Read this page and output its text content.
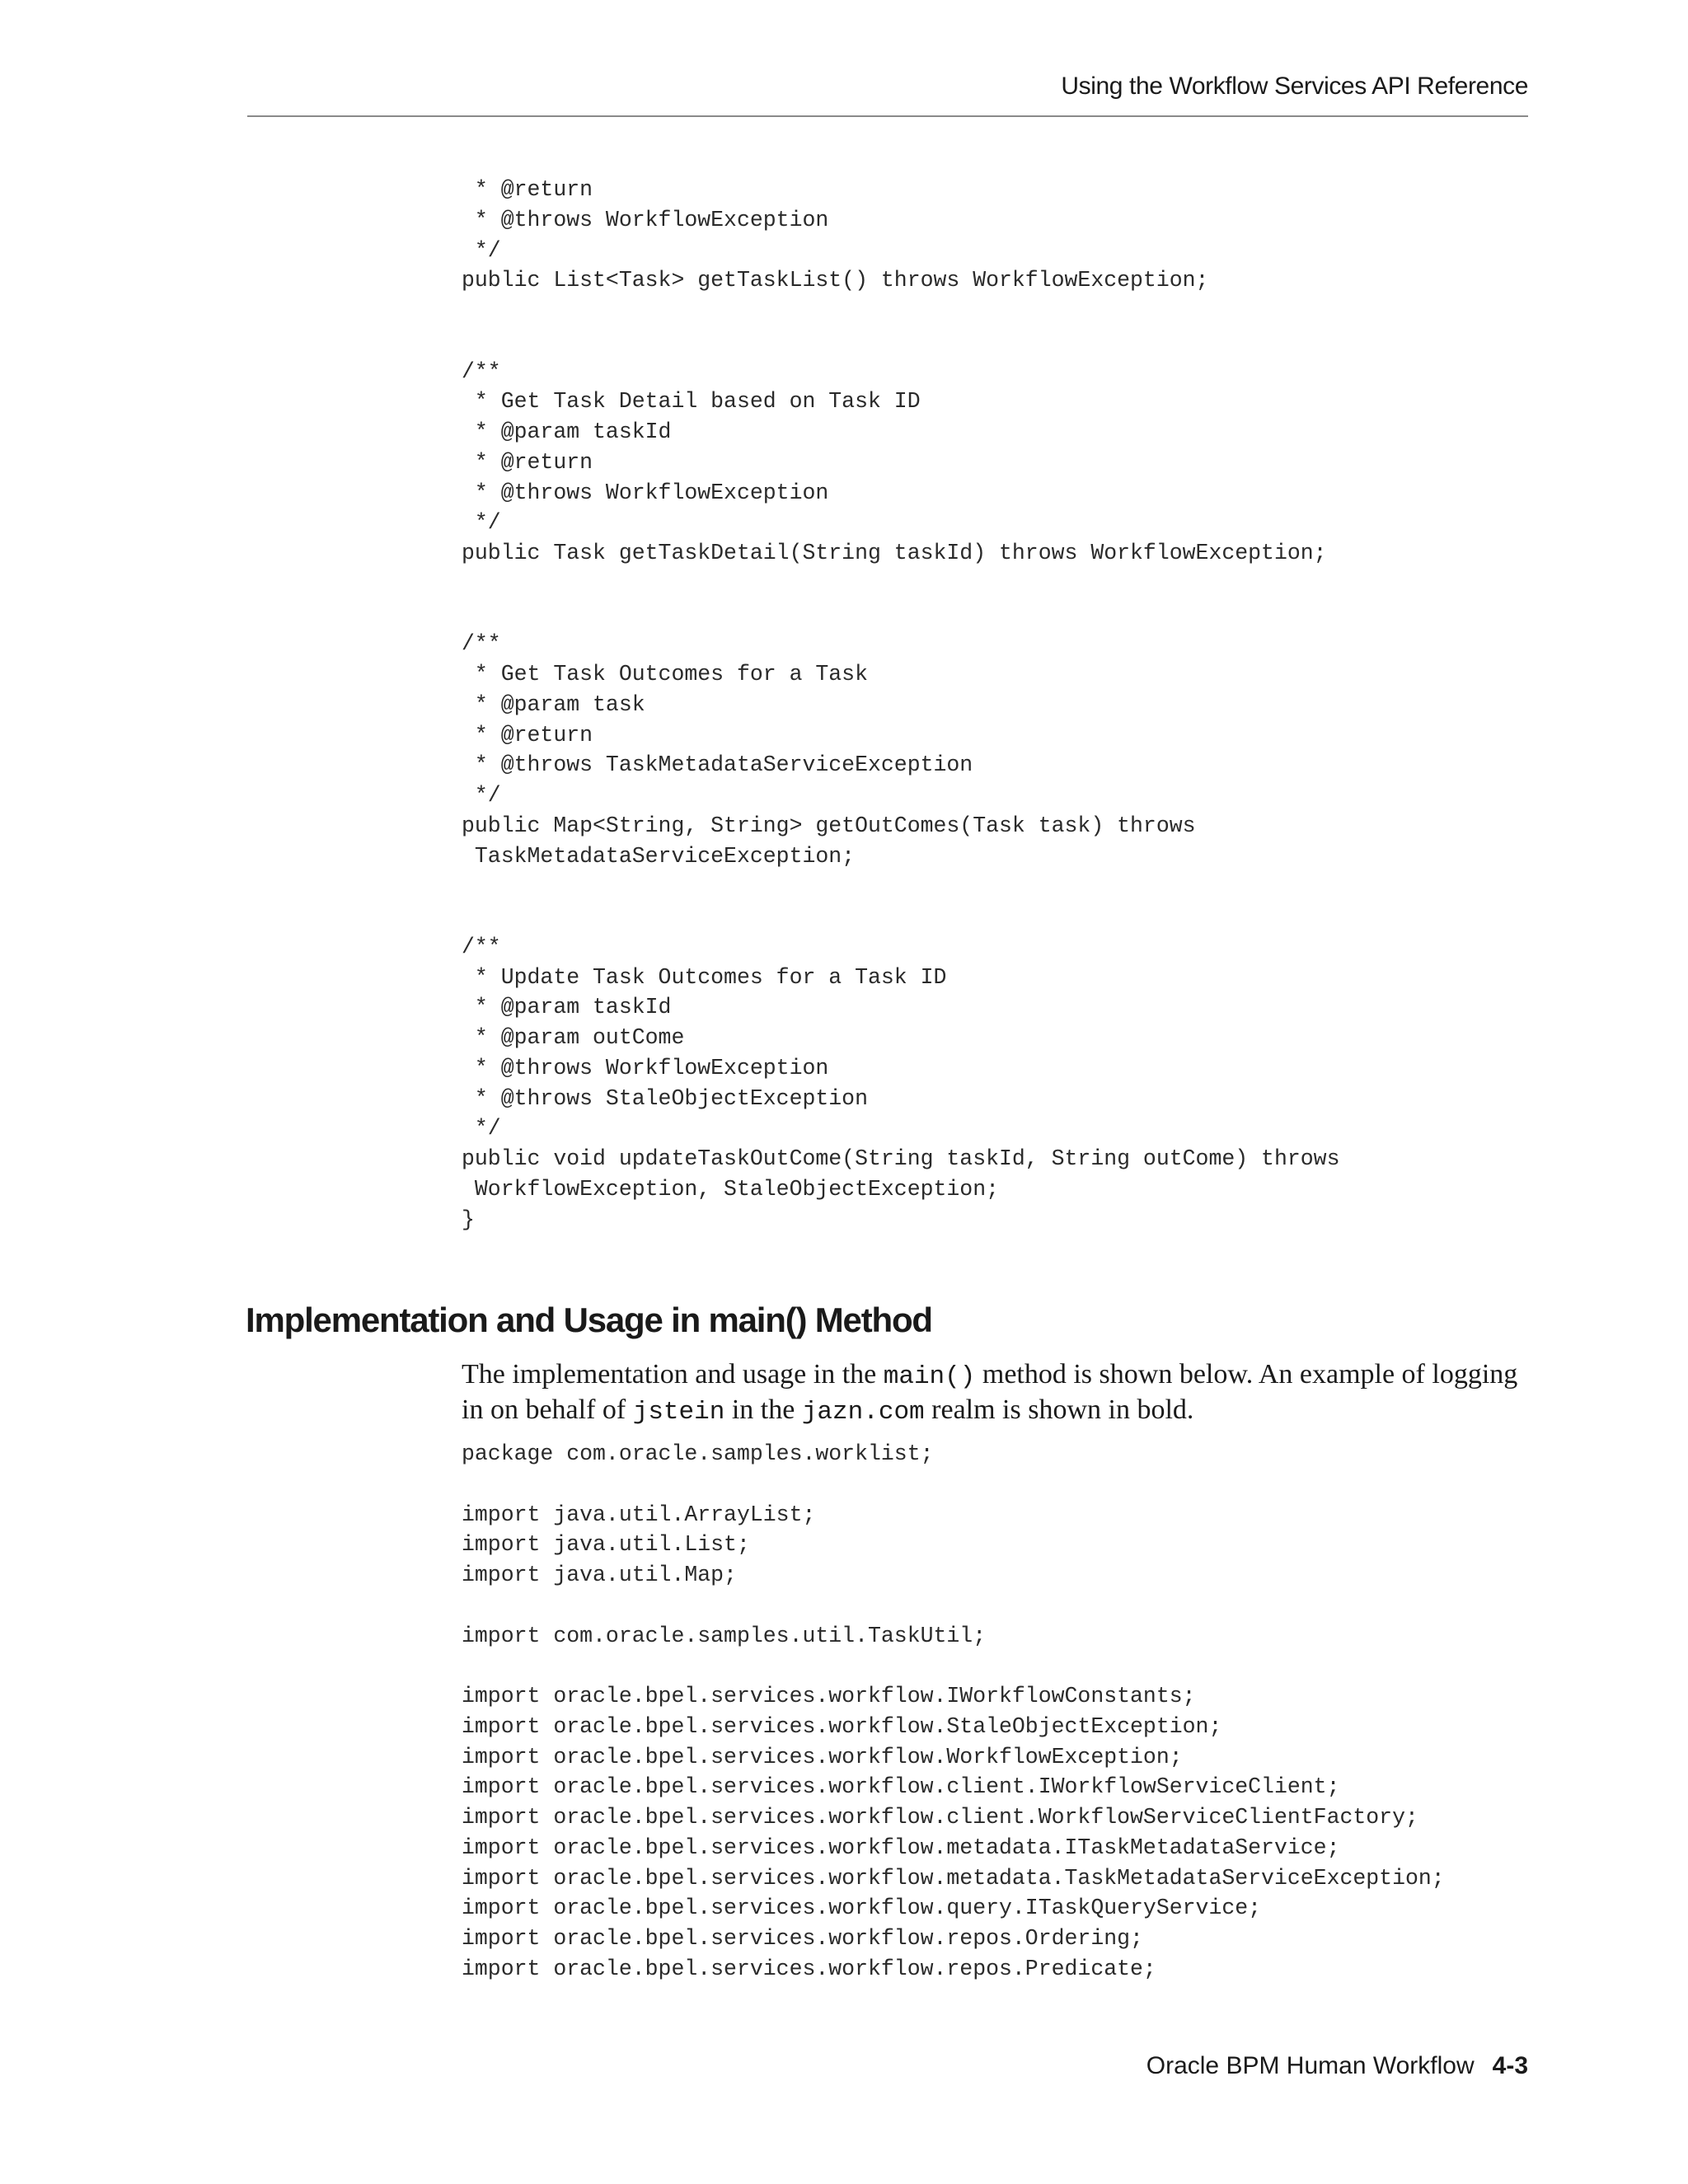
Using the Workflow Services API Reference
* @return
* @throws WorkflowException
*/
public List<Task> getTaskList() throws WorkflowException;

/**
* Get Task Detail based on Task ID
* @param taskId
* @return
* @throws WorkflowException
*/
public Task getTaskDetail(String taskId) throws WorkflowException;

/**
* Get Task Outcomes for a Task
* @param task
* @return
* @throws TaskMetadataServiceException
*/
public Map<String, String> getOutComes(Task task) throws
TaskMetadataServiceException;

/**
* Update Task Outcomes for a Task ID
* @param taskId
* @param outCome
* @throws WorkflowException
* @throws StaleObjectException
*/
public void updateTaskOutCome(String taskId, String outCome) throws
WorkflowException, StaleObjectException;
}
Implementation and Usage in main() Method

The implementation and usage in the main() method is shown below. An example of logging in on behalf of jstein in the jazn.com realm is shown in bold.

package com.oracle.samples.worklist;

import java.util.ArrayList;
import java.util.List;
import java.util.Map;

import com.oracle.samples.util.TaskUtil;

import oracle.bpel.services.workflow.IWorkflowConstants;
import oracle.bpel.services.workflow.StaleObjectException;
import oracle.bpel.services.workflow.WorkflowException;
import oracle.bpel.services.workflow.client.IWorkflowServiceClient;
import oracle.bpel.services.workflow.client.WorkflowServiceClientFactory;
import oracle.bpel.services.workflow.metadata.ITaskMetadataService;
import oracle.bpel.services.workflow.metadata.TaskMetadataServiceException;
import oracle.bpel.services.workflow.query.ITaskQueryService;
import oracle.bpel.services.workflow.repos.Ordering;
import oracle.bpel.services.workflow.repos.Predicate;
Oracle BPM Human Workflow 4-3
